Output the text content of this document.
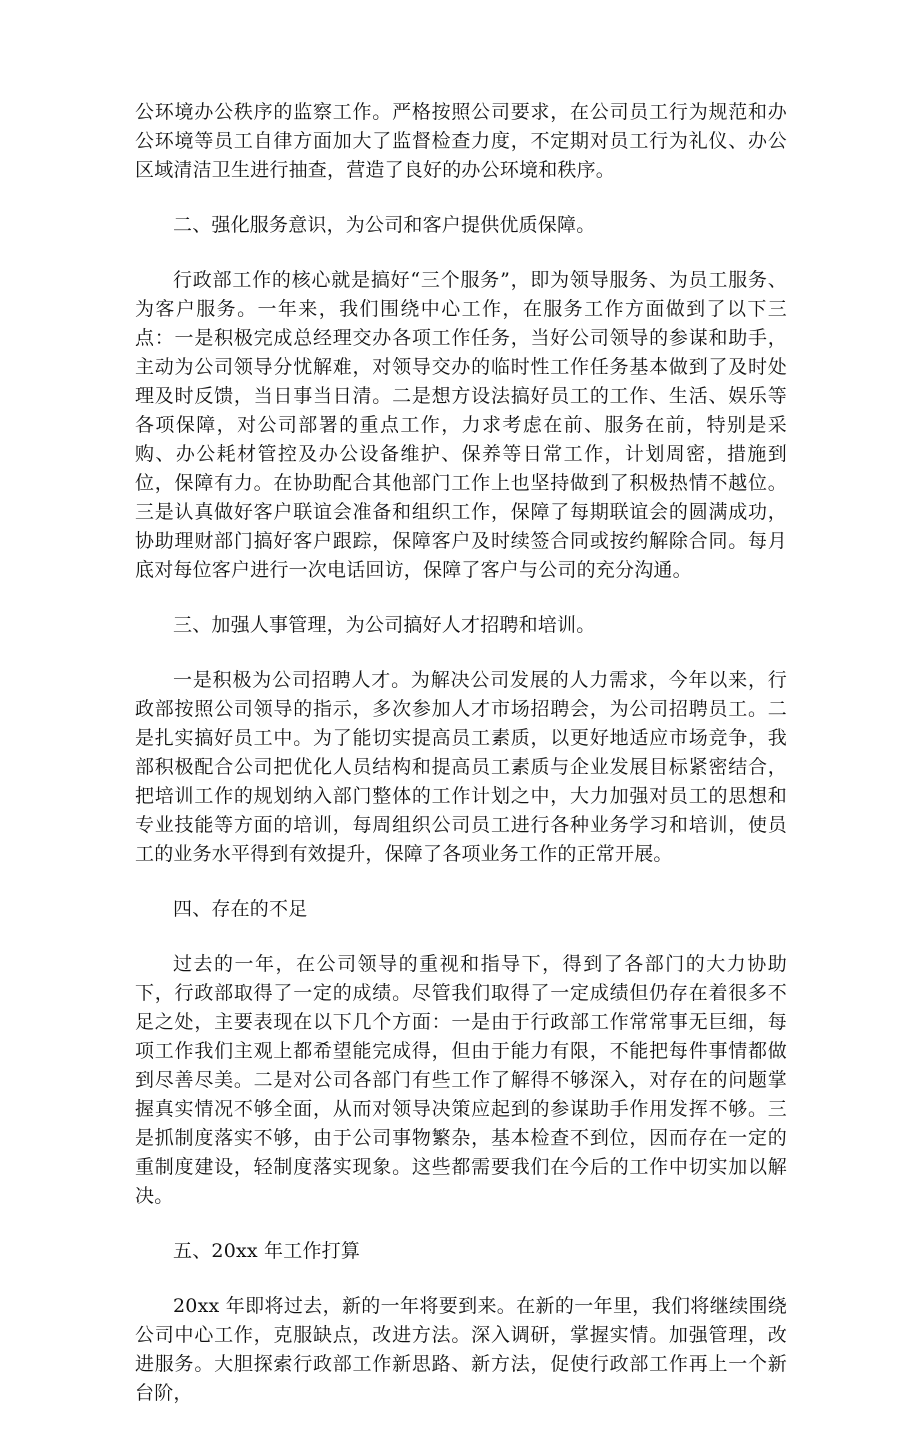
公环境办公秩序的监察工作。严格按照公司要求，在公司员工行为规范和办公环境等员工自律方面加大了监督检查力度，不定期对员工行为礼仪、办公区域清洁卫生进行抽查，营造了良好的办公环境和秩序。

二、强化服务意识，为公司和客户提供优质保障。

行政部工作的核心就是搞好“三个服务”，即为领导服务、为员工服务、为客户服务。一年来，我们围绕中心工作，在服务工作方面做到了以下三点：一是积极完成总经理交办各项工作任务，当好公司领导的参谋和助手，主动为公司领导分忧解难，对领导交办的临时性工作任务基本做到了及时处理及时反馈，当日事当日清。二是想方设法搞好员工的工作、生活、娱乐等各项保障，对公司部署的重点工作，力求考虑在前、服务在前，特别是采购、办公耗材管控及办公设备维护、保养等日常工作，计划周密，措施到位，保障有力。在协助配合其他部门工作上也坚持做到了积极热情不越位。三是认真做好客户联谊会准备和组织工作，保障了每期联谊会的圆满成功，协助理财部门搞好客户跟踪，保障客户及时续签合同或按约解除合同。每月底对每位客户进行一次电话回访，保障了客户与公司的充分沟通。

三、加强人事管理，为公司搞好人才招聘和培训。

一是积极为公司招聘人才。为解决公司发展的人力需求，今年以来，行政部按照公司领导的指示，多次参加人才市场招聘会，为公司招聘员工。二是扎实搞好员工中。为了能切实提高员工素质，以更好地适应市场竞争，我部积极配合公司把优化人员结构和提高员工素质与企业发展目标紧密结合，把培训工作的规划纳入部门整体的工作计划之中，大力加强对员工的思想和专业技能等方面的培训，每周组织公司员工进行各种业务学习和培训，使员工的业务水平得到有效提升，保障了各项业务工作的正常开展。

四、存在的不足

过去的一年，在公司领导的重视和指导下，得到了各部门的大力协助下，行政部取得了一定的成绩。尽管我们取得了一定成绩但仍存在着很多不足之处，主要表现在以下几个方面：一是由于行政部工作常常事无巨细，每项工作我们主观上都希望能完成得，但由于能力有限，不能把每件事情都做到尽善尽美。二是对公司各部门有些工作了解得不够深入，对存在的问题掌握真实情况不够全面，从而对领导决策应起到的参谋助手作用发挥不够。三是抓制度落实不够，由于公司事物繁杂，基本检查不到位，因而存在一定的重制度建设，轻制度落实现象。这些都需要我们在今后的工作中切实加以解决。

五、20xx 年工作打算

20xx 年即将过去，新的一年将要到来。在新的一年里，我们将继续围绕公司中心工作，克服缺点，改进方法。深入调研，掌握实情。加强管理，改进服务。大胆探索行政部工作新思路、新方法，促使行政部工作再上一个新台阶，
